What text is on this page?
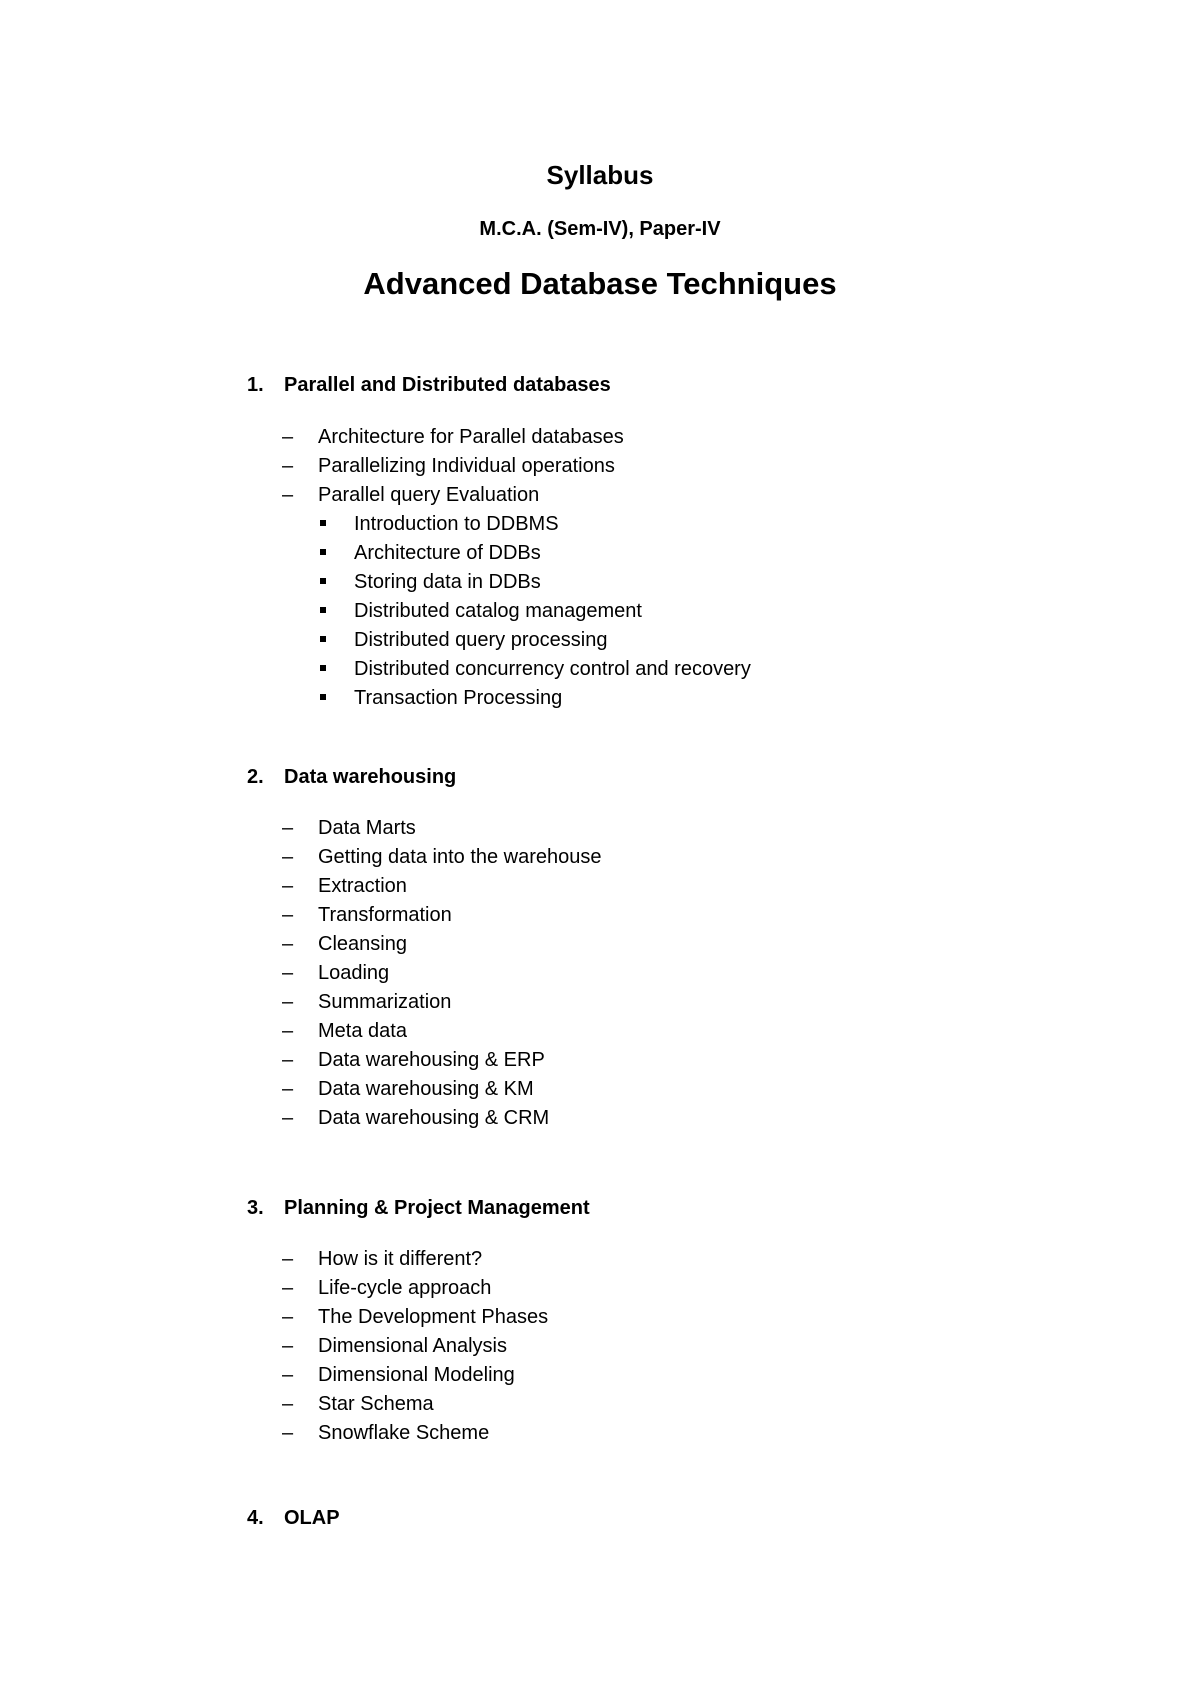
Syllabus
M.C.A. (Sem-IV), Paper-IV
Advanced Database Techniques
1. Parallel and Distributed databases
– Architecture for Parallel databases
– Parallelizing Individual operations
– Parallel query Evaluation
Introduction to DDBMS
Architecture of DDBs
Storing data in DDBs
Distributed catalog management
Distributed query processing
Distributed concurrency control and recovery
Transaction Processing
2. Data warehousing
– Data Marts
– Getting data into the warehouse
– Extraction
– Transformation
– Cleansing
– Loading
– Summarization
– Meta data
– Data warehousing & ERP
– Data warehousing & KM
– Data warehousing & CRM
3. Planning & Project Management
– How is it different?
– Life-cycle approach
– The Development Phases
– Dimensional Analysis
– Dimensional Modeling
– Star Schema
– Snowflake Scheme
4. OLAP
